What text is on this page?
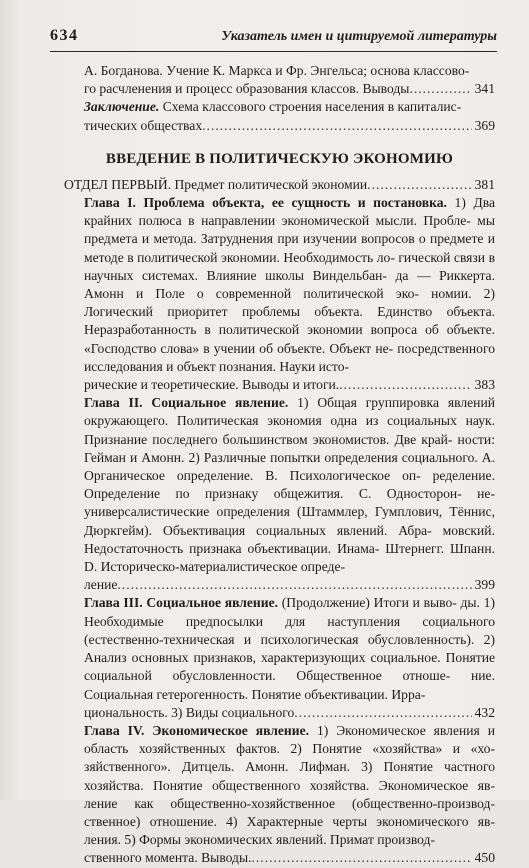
634	Указатель имен и цитируемой литературы
А. Богданова. Учение К. Маркса и Фр. Энгельса; основа классово-
го расчленения и процесс образования классов. Выводы .....	341
Заключение. Схема классового строения населения в капиталис-
тических обществах .....	369
ВВЕДЕНИЕ В ПОЛИТИЧЕСКУЮ ЭКОНОМИЮ
ОТДЕЛ ПЕРВЫЙ. Предмет политической экономии .....	381
Глава I. Проблема объекта, ее сущность и постановка. 1) Два крайних полюса в направлении экономической мысли. Пробле- мы предмета и метода. Затруднения при изучении вопросов о предмете и методе в политической экономии. Необходимость ло- гической связи в научных системах. Влияние школы Виндельбан- да — Риккерта. Амонн и Поле о современной политической эко- номии. 2) Логический приоритет проблемы объекта. Единство объекта. Неразработанность в политической экономии вопроса об объекте. «Господство слова» в учении об объекте. Объект не- посредственного исследования и объект познания. Науки исто-
рические и теоретические. Выводы и итоги. .....	383
Глава II. Социальное явление. 1) Общая группировка явлений окружающего. Политическая экономия одна из социальных наук. Признание последнего большинством экономистов. Две край- ности: Гейман и Амонн. 2) Различные попытки определения социального. A. Органическое определение. B. Психологическое оп- ределение. Определение по признаку общежития. C. Односторон- не-универсалистические определения (Штаммлер, Гумплович, Тённис, Дюркгейм). Объективация социальных явлений. Абра- мовский. Недостаточность признака объективации. Инама- Штернегг. Шпанн. D. Историческо-материалистическое опреде-
ление .....	399
Глава III. Социальное явление. (Продолжение) Итоги и выво- ды. 1) Необходимые предпосылки для наступления социального (естественно-техническая и психологическая обусловленность). 2) Анализ основных признаков, характеризующих социальное. Понятие социальной обусловленности. Общественное отноше- ние. Социальная гетерогенность. Понятие объективации. Ирра-
циональность. 3) Виды социального .....	432
Глава IV. Экономическое явление. 1) Экономическое явления и область хозяйственных фактов. 2) Понятие «хозяйства» и «хо- зяйственного». Дитцель. Амонн. Лифман. 3) Понятие частного хозяйства. Понятие общественного хозяйства. Экономическое яв- ление как общественно-хозяйственное (общественно-производ- ственное) отношение. 4) Характерные черты экономического яв- ления. 5) Формы экономических явлений. Примат производ-
ственного момента. Выводы. .....	450
